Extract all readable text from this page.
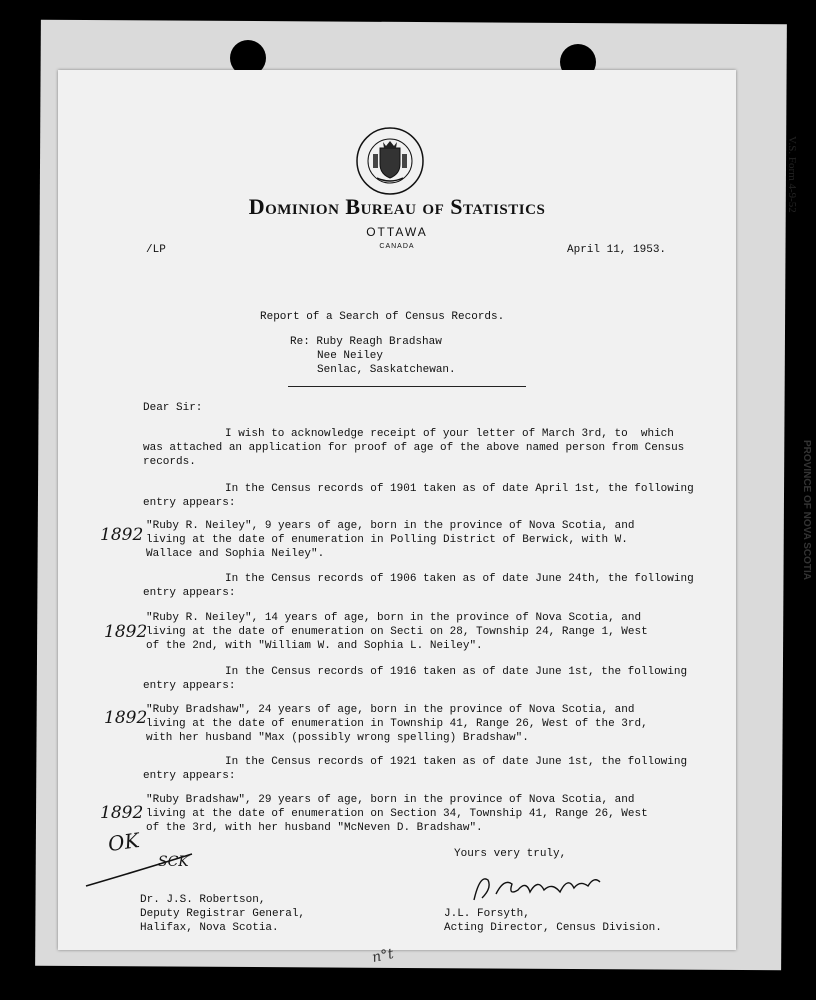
V.S. Form 4-9-52
PROVINCE OF NOVA SCOTIA
Dominion Bureau of Statistics
OTTAWA
CANADA
/LP	April 11, 1953.
Report of a Search of Census Records.
Re: Ruby Reagh Bradshaw
Nee Neiley
Senlac, Saskatchewan.
Dear Sir:
I wish to acknowledge receipt of your letter of March 3rd, to  which
was attached an application for proof of age of the above named person from Census
records.
In the Census records of 1901 taken as of date April 1st, the following
entry appears:
"Ruby R. Neiley", 9 years of age, born in the province of Nova Scotia, and
living at the date of enumeration in Polling District of Berwick, with W.
Wallace and Sophia Neiley".
1892
In the Census records of 1906 taken as of date June 24th, the following
entry appears:
"Ruby R. Neiley", 14 years of age, born in the province of Nova Scotia, and
living at the date of enumeration on Secti on 28, Township 24, Range 1, West
of the 2nd, with "William W. and Sophia L. Neiley".
1892
In the Census records of 1916 taken as of date June 1st, the following
entry appears:
"Ruby Bradshaw", 24 years of age, born in the province of Nova Scotia, and
living at the date of enumeration in Township 41, Range 26, West of the 3rd,
with her husband "Max (possibly wrong spelling) Bradshaw".
1892
In the Census records of 1921 taken as of date June 1st, the following
entry appears:
"Ruby Bradshaw", 29 years of age, born in the province of Nova Scotia, and
living at the date of enumeration on Section 34, Township 41, Range 26, West
of the 3rd, with her husband "McNeven D. Bradshaw".
1892
OK
SCK	Yours very truly,
J.L. Forsyth,
Acting Director, Census Division.
Dr. J.S. Robertson,
Deputy Registrar General,
Halifax, Nova Scotia.
n°t
